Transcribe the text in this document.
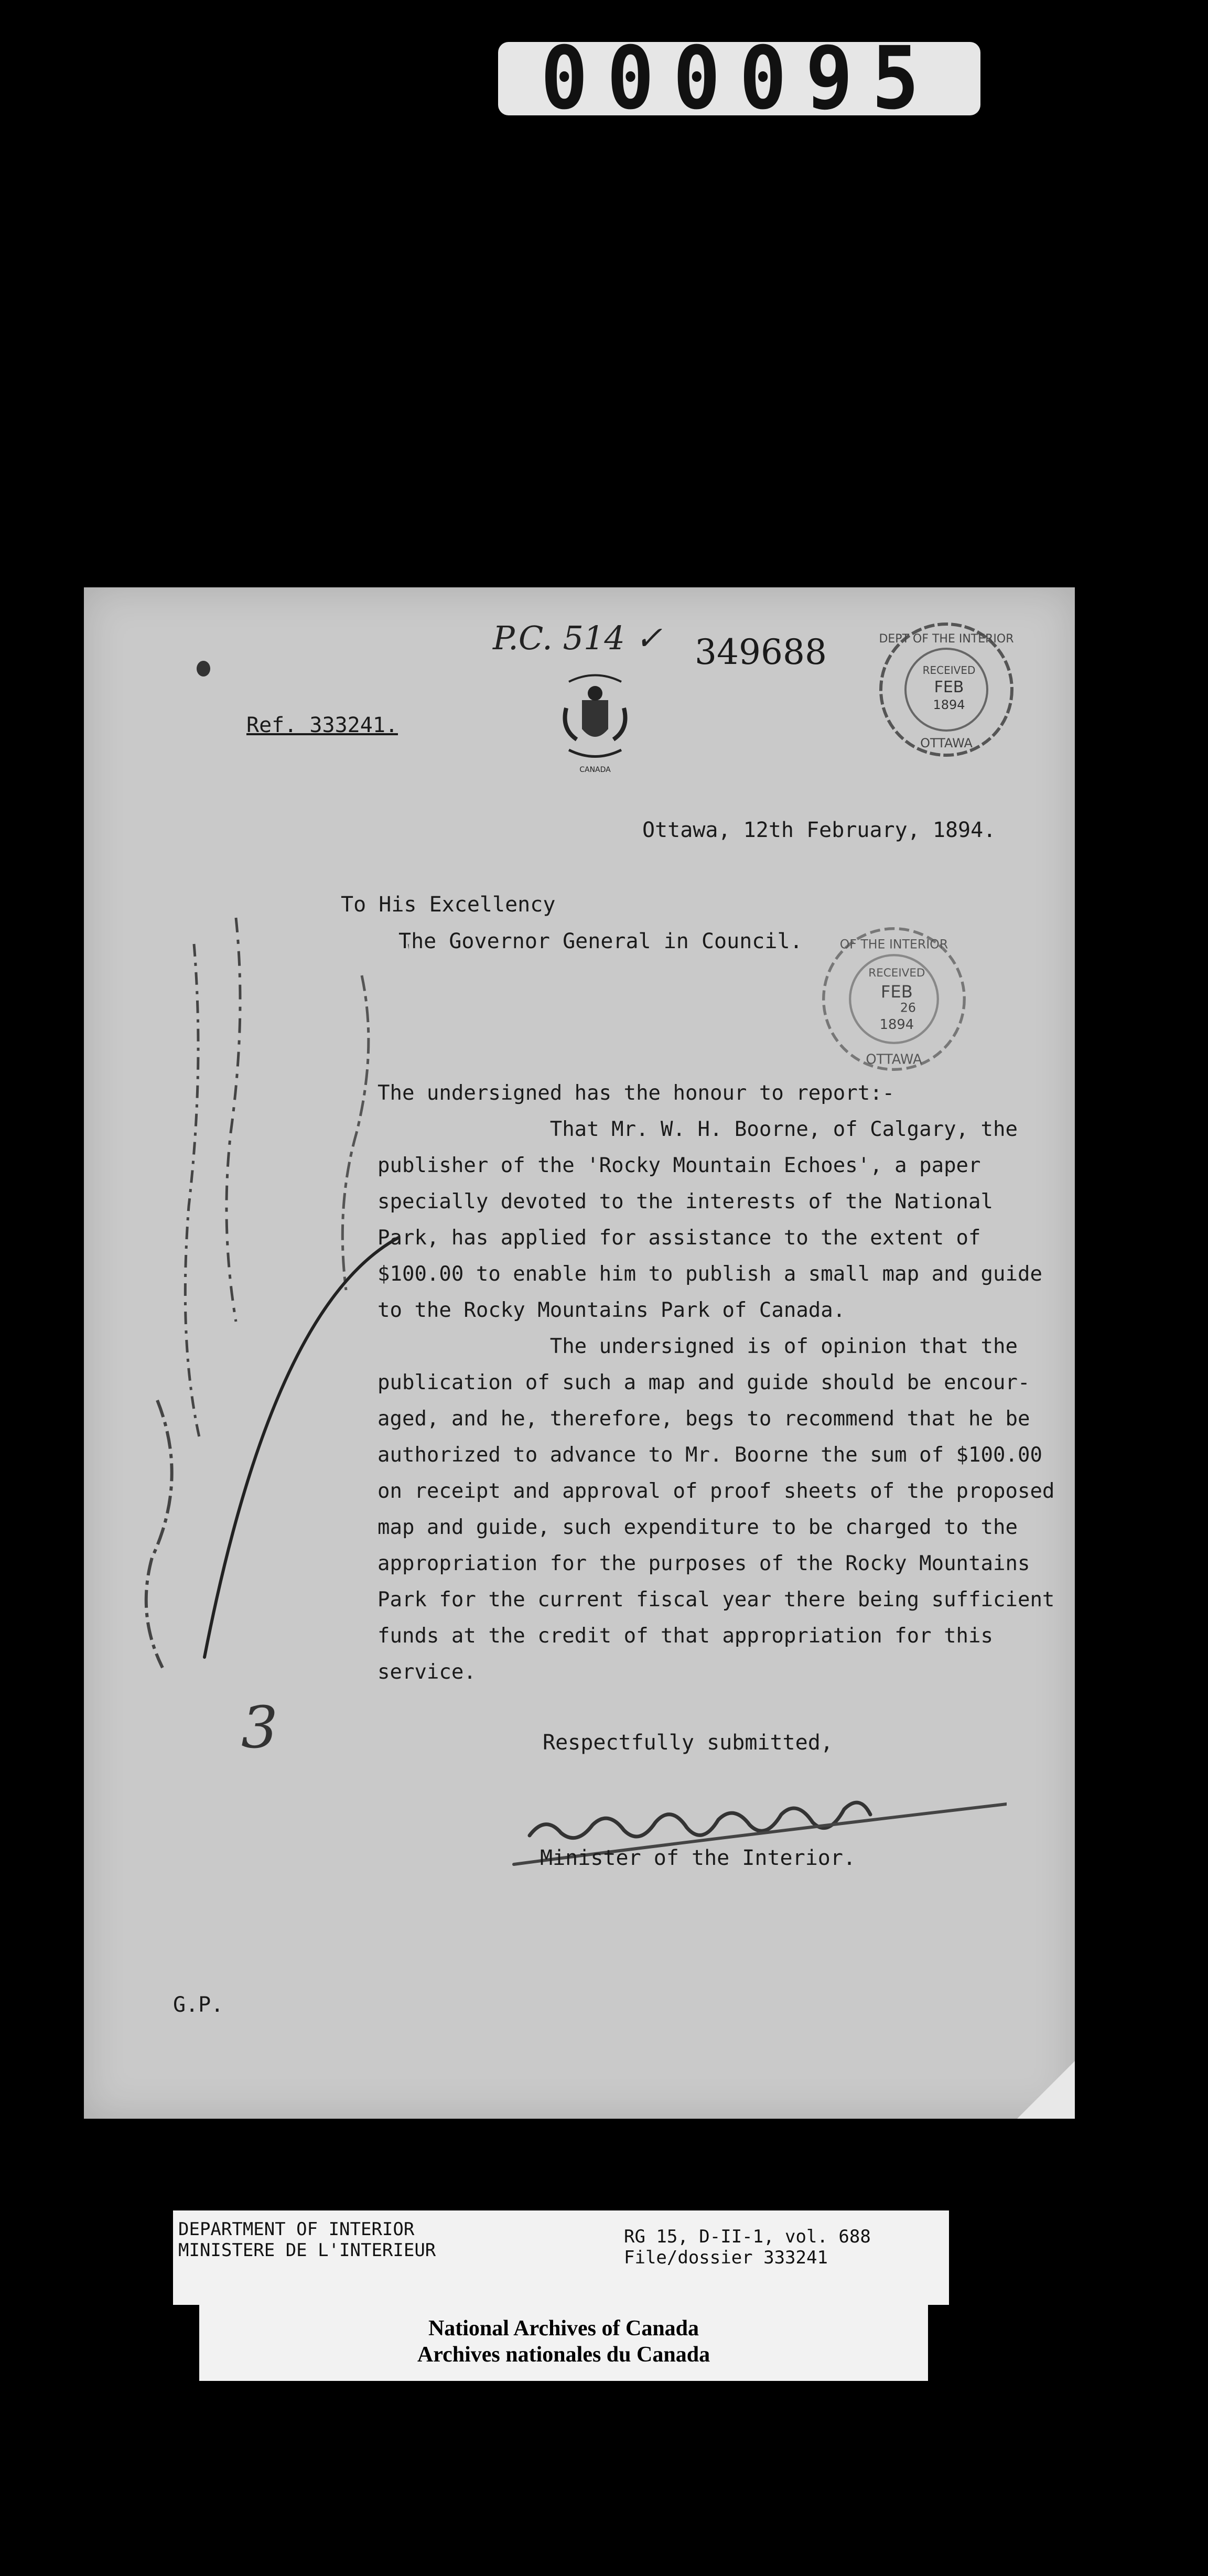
000095
P.C. 514 ✓ 349688
Ref. 333241.
CANADA
DEPT OF THE INTERIOR
RECEIVED
FEB
1894
OTTAWA
Ottawa, 12th February, 1894.
OF THE INTERIOR
RECEIVED
FEB
26
1894
OTTAWA
To His Excellency
The Governor General in Council.
The undersigned has the honour to report:-
That Mr. W. H. Boorne, of Calgary, the
publisher of the 'Rocky Mountain Echoes', a paper
specially devoted to the interests of the National
Park, has applied for assistance to the extent of
$100.00 to enable him to publish a small map and guide
to the Rocky Mountains Park of Canada.
The undersigned is of opinion that the
publication of such a map and guide should be encour-
aged, and he, therefore, begs to recommend that he be
authorized to advance to Mr. Boorne the sum of $100.00
on receipt and approval of proof sheets of the proposed
map and guide, such expenditure to be charged to the
appropriation for the purposes of the Rocky Mountains
Park for the current fiscal year there being sufficient
funds at the credit of that appropriation for this
service.
Respectfully submitted,
Minister of the Interior.
3
G.P.
DEPARTMENT OF INTERIOR
MINISTERE DE L'INTERIEUR
RG 15, D-II-1, vol. 688
File/dossier 333241
National Archives of Canada
Archives nationales du Canada
